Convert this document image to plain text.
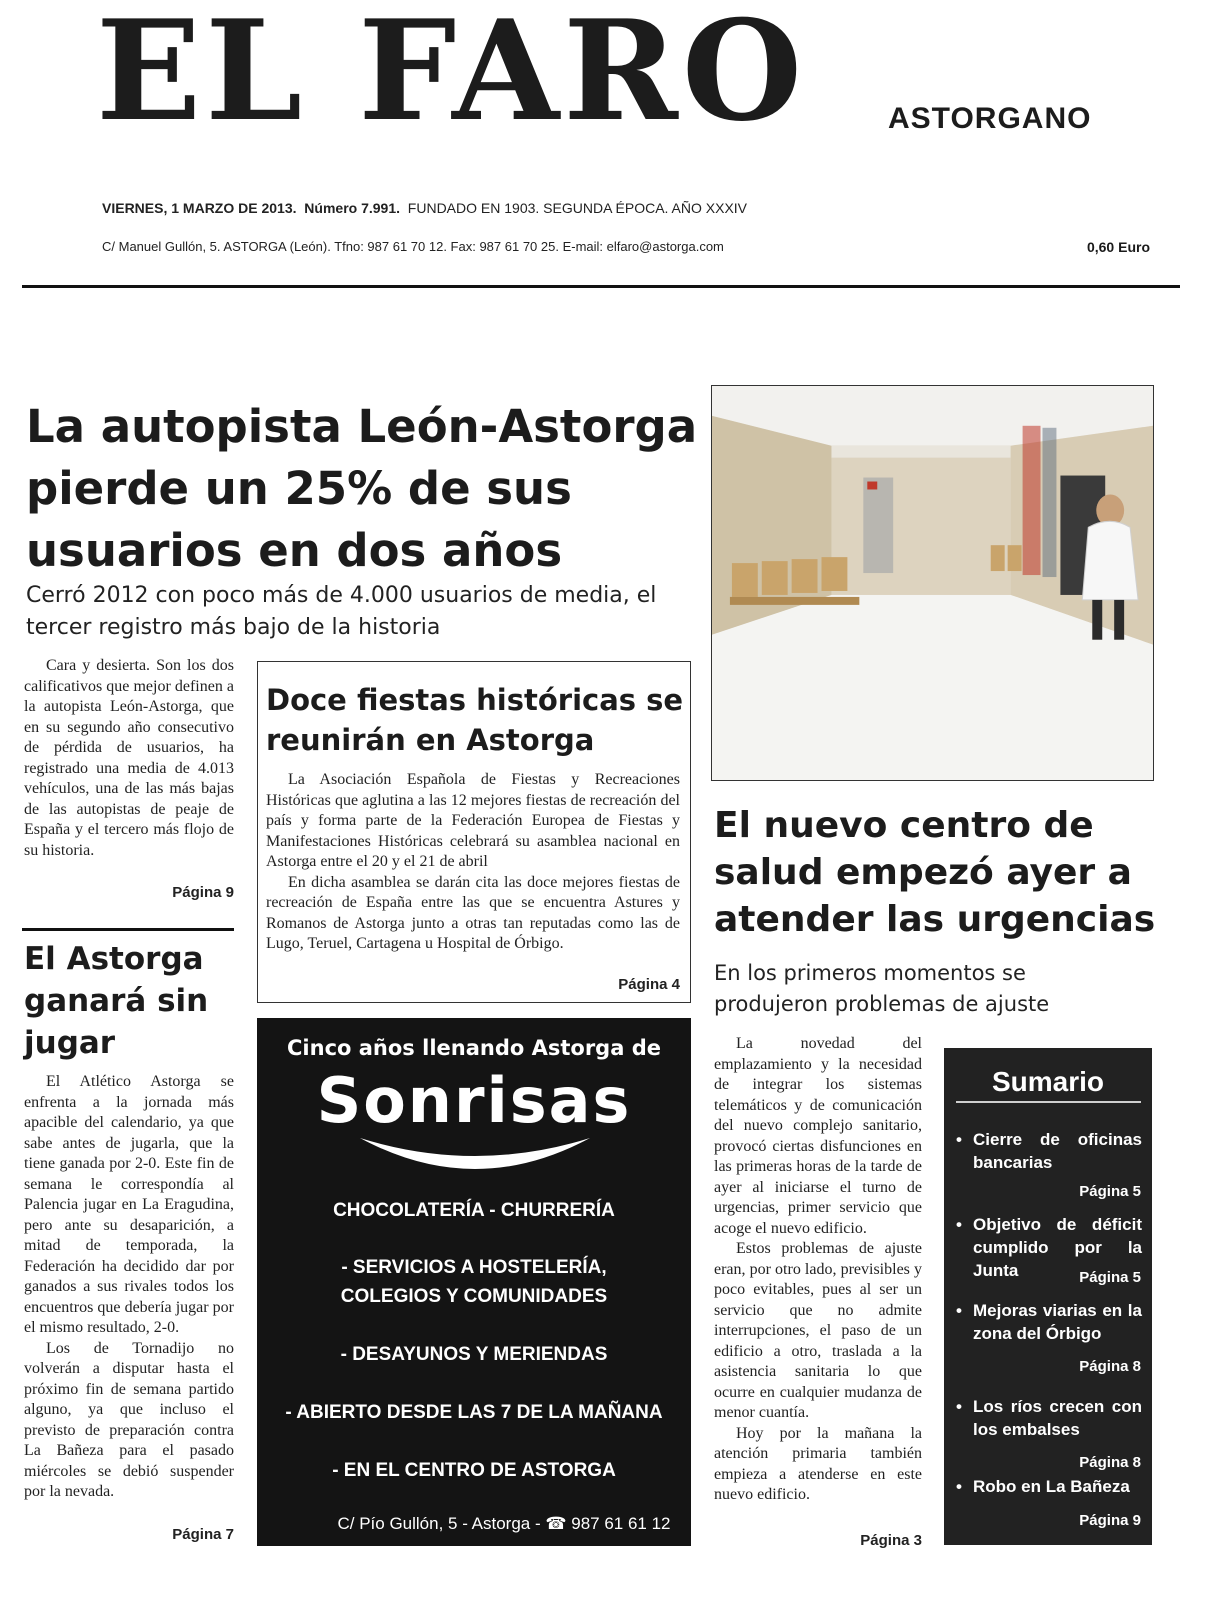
EL FARO	ASTORGANO
VIERNES, 1 MARZO DE 2013. Número 7.991. FUNDADO EN 1903. SEGUNDA ÉPOCA. AÑO XXXIV
C/ Manuel Gullón, 5. ASTORGA (León). Tfno: 987 61 70 12. Fax: 987 61 70 25. E-mail: elfaro@astorga.com	0,60 Euro
La autopista León-Astorga pierde un 25% de sus usuarios en dos años
Cerró 2012 con poco más de 4.000 usuarios de media, el tercer registro más bajo de la historia

Cara y desierta. Son los dos calificativos que mejor definen a la autopista León-Astorga, que en su segundo año consecutivo de pérdida de usuarios, ha registrado una media de 4.013 vehículos, una de las más bajas de las autopistas de peaje de España y el tercero más flojo de su historia.

Página 9
El Astorga ganará sin jugar

El Atlético Astorga se enfrenta a la jornada más apacible del calendario, ya que sabe antes de jugarla, que la tiene ganada por 2-0. Este fin de semana le correspondía al Palencia jugar en La Eragudina, pero ante su desaparición, a mitad de temporada, la Federación ha decidido dar por ganados a sus rivales todos los encuentros que debería jugar por el mismo resultado, 2-0.

Los de Tornadijo no volverán a disputar hasta el próximo fin de semana partido alguno, ya que incluso el previsto de preparación contra La Bañeza para el pasado miércoles se debió suspender por la nevada.

Página 7
Doce fiestas históricas se reunirán en Astorga

La Asociación Española de Fiestas y Recreaciones Históricas que aglutina a las 12 mejores fiestas de recreación del país y forma parte de la Federación Europea de Fiestas y Manifestaciones Históricas celebrará su asamblea nacional en Astorga entre el 20 y el 21 de abril

En dicha asamblea se darán cita las doce mejores fiestas de recreación de España entre las que se encuentra Astures y Romanos de Astorga junto a otras tan reputadas como las de Lugo, Teruel, Cartagena u Hospital de Órbigo.

Página 4
Cinco años llenando Astorga de
Sonrisas
CHOCOLATERÍA - CHURRERÍA
- SERVICIOS A HOSTELERÍA,
COLEGIOS Y COMUNIDADES
- DESAYUNOS Y MERIENDAS
- ABIERTO DESDE LAS 7 DE LA MAÑANA
- EN EL CENTRO DE ASTORGA
C/ Pío Gullón, 5 - Astorga - ☎ 987 61 61 12
El nuevo centro de salud empezó ayer a atender las urgencias
En los primeros momentos se produjeron problemas de ajuste

La novedad del emplazamiento y la necesidad de integrar los sistemas telemáticos y de comunicación del nuevo complejo sanitario, provocó ciertas disfunciones en las primeras horas de la tarde de ayer al iniciarse el turno de urgencias, primer servicio que acoge el nuevo edificio.

Estos problemas de ajuste eran, por otro lado, previsibles y poco evitables, pues al ser un servicio que no admite interrupciones, el paso de un edificio a otro, traslada a la asistencia sanitaria lo que ocurre en cualquier mudanza de menor cuantía.

Hoy por la mañana la atención primaria también empieza a atenderse en este nuevo edificio.

Página 3
Sumario
• Cierre de oficinas bancarias
Página 5
• Objetivo de déficit cumplido por la Junta	Página 5
• Mejoras viarias en la zona del Órbigo
Página 8
• Los ríos crecen con los embalses
Página 8
• Robo en La Bañeza
Página 9
